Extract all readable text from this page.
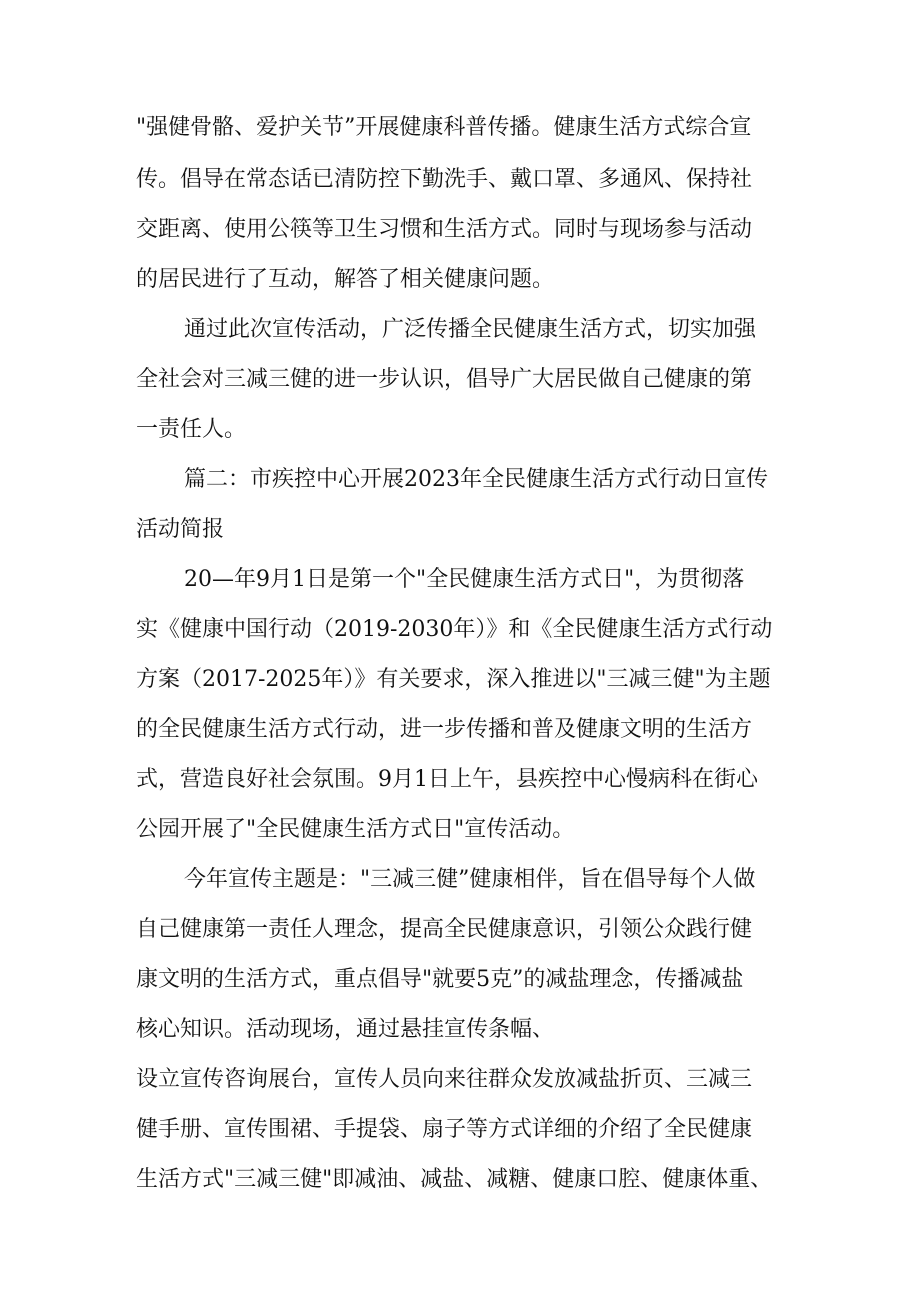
"强健骨骼、爱护关节”开展健康科普传播。健康生活方式综合宣
传。倡导在常态话已清防控下勤洗手、戴口罩、多通风、保持社
交距离、使用公筷等卫生习惯和生活方式。同时与现场参与活动
的居民进行了互动，解答了相关健康问题。
通过此次宣传活动，广泛传播全民健康生活方式，切实加强
全社会对三减三健的进一步认识，倡导广大居民做自己健康的第
一责任人。
篇二：市疾控中心开展2023年全民健康生活方式行动日宣传
活动简报
20—年9月1日是第一个"全民健康生活方式日"，为贯彻落
实《健康中国行动（2019-2030年）》和《全民健康生活方式行动
方案（2017-2025年）》有关要求，深入推进以"三减三健"为主题
的全民健康生活方式行动，进一步传播和普及健康文明的生活方
式，营造良好社会氛围。9月1日上午，县疾控中心慢病科在街心
公园开展了"全民健康生活方式日"宣传活动。
今年宣传主题是："三减三健”健康相伴，旨在倡导每个人做
自己健康第一责任人理念，提高全民健康意识，引领公众践行健
康文明的生活方式，重点倡导"就要5克”的减盐理念，传播减盐
核心知识。活动现场，通过悬挂宣传条幅、
设立宣传咨询展台，宣传人员向来往群众发放减盐折页、三减三
健手册、宣传围裙、手提袋、扇子等方式详细的介绍了全民健康
生活方式"三减三健"即减油、减盐、减糖、健康口腔、健康体重、
